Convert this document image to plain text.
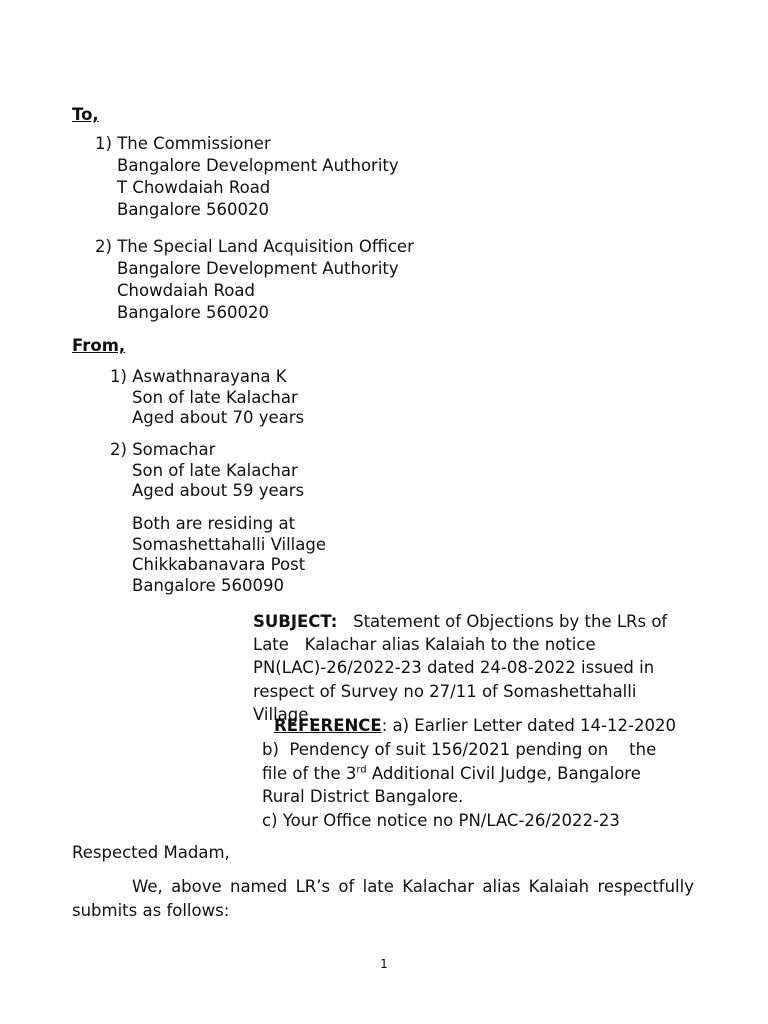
To,
1) The Commissioner
Bangalore Development Authority
T Chowdaiah Road
Bangalore 560020
2) The Special Land Acquisition Officer
Bangalore Development Authority
Chowdaiah Road
Bangalore 560020
From,
1) Aswathnarayana K
Son of late Kalachar
Aged about 70 years
2) Somachar
Son of late Kalachar
Aged about 59 years
Both are residing at
Somashettahalli Village
Chikkabanavara Post
Bangalore 560090
SUBJECT: Statement of Objections by the LRs of Late   Kalachar alias Kalaiah to the notice PN(LAC)-26/2022-23 dated 24-08-2022 issued in respect of Survey no 27/11 of Somashettahalli Village.
REFERENCE: a) Earlier Letter dated 14-12-2020
b)  Pendency of suit 156/2021 pending on    the
file of the 3rd Additional Civil Judge, Bangalore
Rural District Bangalore.
c) Your Office notice no PN/LAC-26/2022-23
Respected Madam,
We, above named LR’s of late Kalachar alias Kalaiah respectfully submits as follows:
1
